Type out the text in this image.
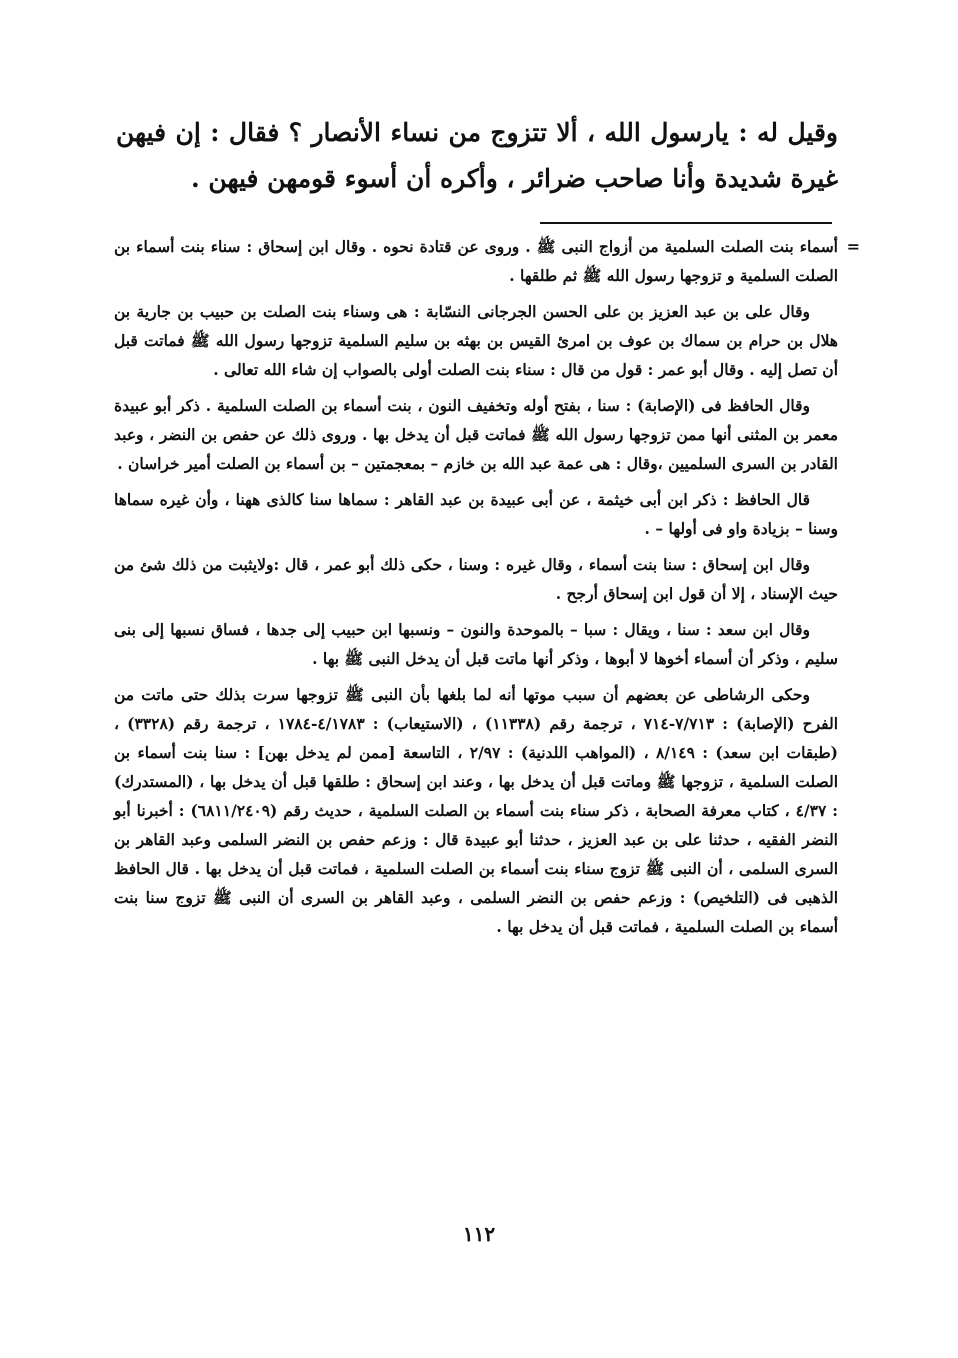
وقيل له : يارسول الله ، ألا تتزوج من نساء الأنصار ؟ فقال : إن فيهن غيرة شديدة وأنا صاحب ضرائر ، وأكره أن أسوء قومهن فيهن .

=

أسماء بنت الصلت السلمية من أزواج النبى ﷺ . وروى عن قتادة نحوه . وقال ابن إسحاق : سناء بنت أسماء بن الصلت السلمية و تزوجها رسول الله ﷺ ثم طلقها .

وقال على بن عبد العزيز بن على الحسن الجرجانى النسّابة : هى وسناء بنت الصلت بن حبيب بن جارية بن هلال بن حرام بن سماك بن عوف بن امرئ القيس بن بهثه بن سليم السلمية تزوجها رسول الله ﷺ فماتت قبل أن تصل إليه . وقال أبو عمر : قول من قال : سناء بنت الصلت أولى بالصواب إن شاء الله تعالى .

وقال الحافظ فى (الإصابة) : سنا ، بفتح أوله وتخفيف النون ، بنت أسماء بن الصلت السلمية . ذكر أبو عبيدة معمر بن المثنى أنها ممن تزوجها رسول الله ﷺ فماتت قبل أن يدخل بها . وروى ذلك عن حفص بن النضر ، وعبد القادر بن السرى السلميين ،وقال : هى عمة عبد الله بن خازم – بمعجمتين – بن أسماء بن الصلت أمير خراسان .

قال الحافظ : ذكر ابن أبى خيثمة ، عن أبى عبيدة بن عبد القاهر : سماها سنا كالذى ههنا ، وأن غيره سماها وسنا – بزيادة واو فى أولها – .

وقال ابن إسحاق : سنا بنت أسماء ، وقال غيره : وسنا ، حكى ذلك أبو عمر ، قال :ولايثبت من ذلك شئ من حيث الإسناد ، إلا أن قول ابن إسحاق أرجح .

وقال ابن سعد : سنا ، ويقال : سبا – بالموحدة والنون – ونسبها ابن حبيب إلى جدها ، فساق نسبها إلى بنى سليم ، وذكر أن أسماء أخوها لا أبوها ، وذكر أنها ماتت قبل أن يدخل النبى ﷺ بها .

وحكى الرشاطى عن بعضهم أن سبب موتها أنه لما بلغها بأن النبى ﷺ تزوجها سرت بذلك حتى ماتت من الفرح (الإصابة) : ٧/٧١٣-٧١٤ ، ترجمة رقم (١١٣٣٨) ، (الاستيعاب) : ٤/١٧٨٣-١٧٨٤ ، ترجمة رقم (٣٣٢٨) ، (طبقات ابن سعد) : ٨/١٤٩ ، (المواهب اللدنية) : ٢/٩٧ ، التاسعة [ممن لم يدخل بهن] : سنا بنت أسماء بن الصلت السلمية ، تزوجها ﷺ وماتت قبل أن يدخل بها ، وعند ابن إسحاق : طلقها قبل أن يدخل بها ، (المستدرك) : ٤/٣٧ ، كتاب معرفة الصحابة ، ذكر سناء بنت أسماء بن الصلت السلمية ، حديث رقم (٦٨١١/٢٤٠٩) : أخبرنا أبو النضر الفقيه ، حدثنا على بن عبد العزيز ، حدثنا أبو عبيدة قال : وزعم حفص بن النضر السلمى وعبد القاهر بن السرى السلمى ، أن النبى ﷺ تزوج سناء بنت أسماء بن الصلت السلمية ، فماتت قبل أن يدخل بها . قال الحافظ الذهبى فى (التلخيص) : وزعم حفص بن النضر السلمى ، وعبد القاهر بن السرى أن النبى ﷺ تزوج سنا بنت أسماء بن الصلت السلمية ، فماتت قبل أن يدخل بها .

١١٢
